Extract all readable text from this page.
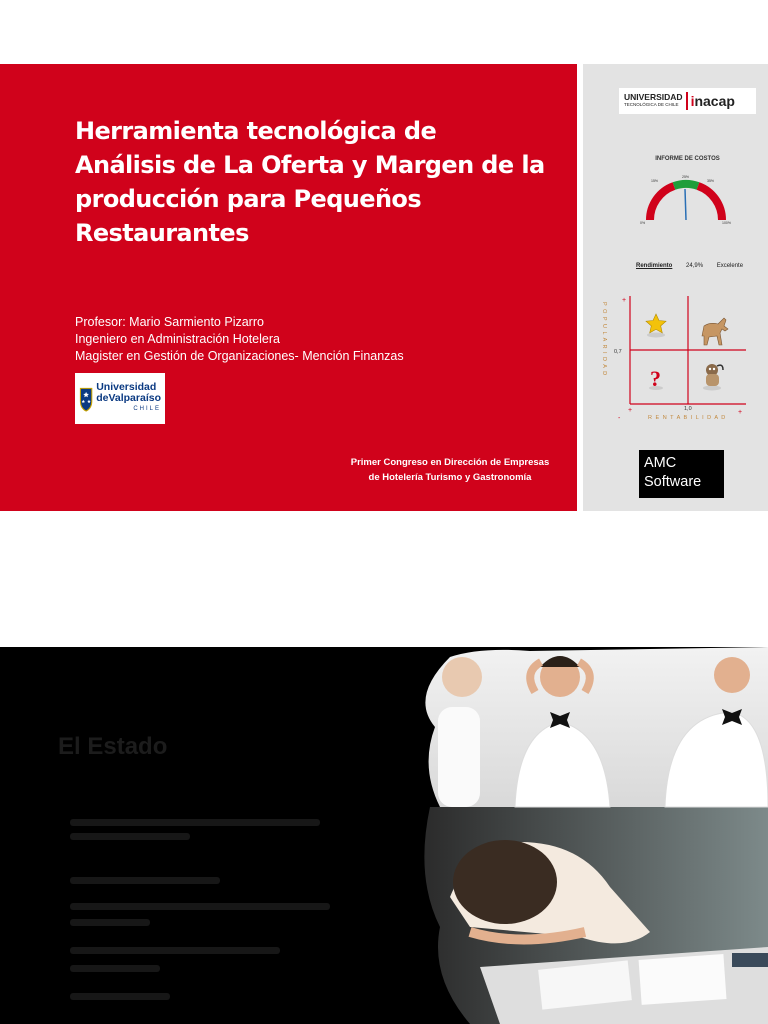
Herramienta tecnológica de
Análisis de La Oferta y Margen de la
producción para Pequeños
Restaurantes
Profesor: Mario Sarmiento Pizarro
Ingeniero en Administración Hotelera
Magister en Gestión de Organizaciones- Mención Finanzas
Universidad
deValparaíso
CHILE
Primer Congreso en Dirección de Empresas
de Hotelería Turismo y Gastronomía
UNIVERSIDAD
TECNOLÓGICA DE CHILE inacap
INFORME DE COSTOS
0%
15%
25%
35%
100%
Rendimiento 24,9% Excelente
P O P U L A R I D A D
+
-
+	+
0,7
1,0
R E N T A B I L I D A D
?
AMC
Software
El Estado
